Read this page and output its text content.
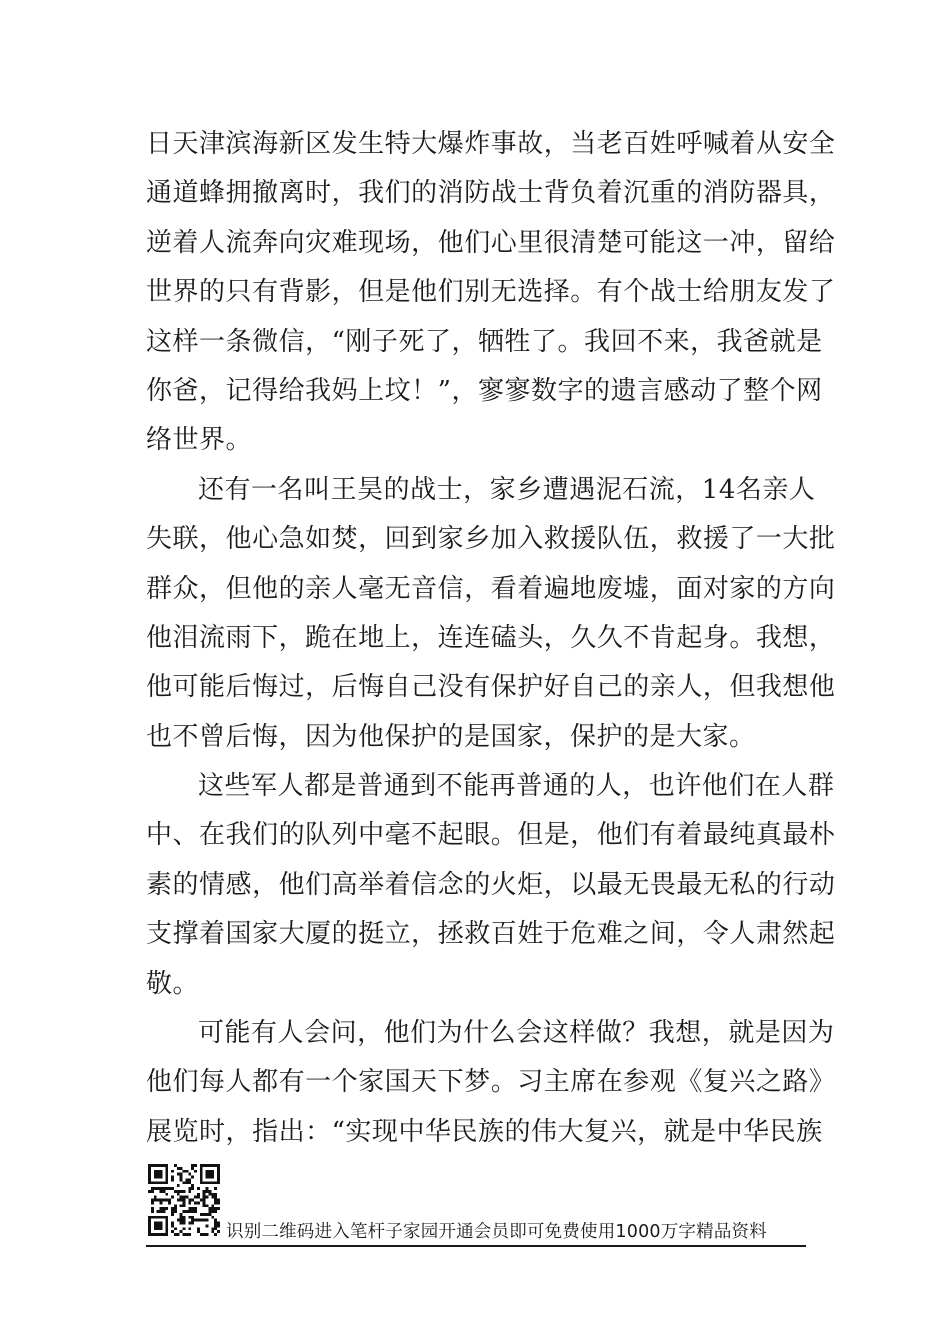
日 天 津 滨 海 新 区 发 生 特 大 爆 炸 事 故 ， 当 老 百 姓 呼 喊 着 从 安 全
通 道 蜂 拥 撤 离 时 ， 我 们 的 消 防 战 士 背 负 着 沉 重 的 消 防 器 具 ，
逆 着 人 流 奔 向 灾 难 现 场 ， 他 们 心 里 很 清 楚 可 能 这 一 冲 ， 留 给
世 界 的 只 有 背 影 ， 但 是 他 们 别 无 选 择 。 有 个 战 士 给 朋 友 发 了
这 样 一 条 微 信 ， “ 刚 子 死 了 ， 牺 牲 了 。 我 回 不 来 ， 我 爸 就 是
你 爸 ， 记 得 给 我 妈 上 坟 ！ ” ， 寥 寥 数 字 的 遗 言 感 动 了 整 个 网
络世界。
还 有 一 名 叫 王 昊 的 战 士 ， 家 乡 遭 遇 泥 石 流 ， 14 名 亲 人
失 联 ， 他 心 急 如 焚 ， 回 到 家 乡 加 入 救 援 队 伍 ， 救 援 了 一 大 批
群 众 ， 但 他 的 亲 人 毫 无 音 信 ， 看 着 遍 地 废 墟 ， 面 对 家 的 方 向
他 泪 流 雨 下 ， 跪 在 地 上 ， 连 连 磕 头 ， 久 久 不 肯 起 身 。 我 想 ，
他 可 能 后 悔 过 ， 后 悔 自 己 没 有 保 护 好 自 己 的 亲 人 ， 但 我 想 他
也不曾后悔，因为他保护的是国家，保护的是大家。
这 些 军 人 都 是 普 通 到 不 能 再 普 通 的 人 ， 也 许 他 们 在 人 群
中 、 在 我 们 的 队 列 中 毫 不 起 眼 。 但 是 ， 他 们 有 着 最 纯 真 最 朴
素 的 情 感 ， 他 们 高 举 着 信 念 的 火 炬 ， 以 最 无 畏 最 无 私 的 行 动
支 撑 着 国 家 大 厦 的 挺 立 ， 拯 救 百 姓 于 危 难 之 间 ， 令 人 肃 然 起
敬。
可 能 有 人 会 问 ， 他 们 为 什 么 会 这 样 做 ？ 我 想 ， 就 是 因 为
他 们 每 人 都 有 一 个 家 国 天 下 梦 。 习 主 席 在 参 观 《 复 兴 之 路 》
展 览 时 ， 指 出 ： “ 实 现 中 华 民 族 的 伟 大 复 兴 ， 就 是 中 华 民 族
识别二维码进入笔杆子家园开通会员即可免费使用1000万字精品资料
